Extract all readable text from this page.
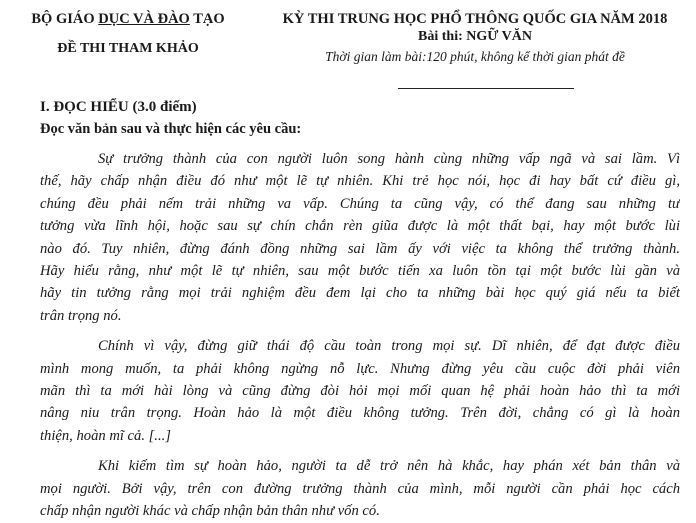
BỘ GIÁO DỤC VÀ ĐÀO TẠO
ĐỀ THI THAM KHẢO
KỲ THI TRUNG HỌC PHỔ THÔNG QUỐC GIA NĂM 2018
Bài thi: NGỮ VĂN
Thời gian làm bài:120 phút, không kể thời gian phát đề
I. ĐỌC HIỂU (3.0 điểm)
Đọc văn bản sau và thực hiện các yêu cầu:
Sự trưởng thành của con người luôn song hành cùng những vấp ngã và sai lầm. Vì
thế, hãy chấp nhận điều đó như một lẽ tự nhiên. Khi trẻ học nói, học đi hay bất cứ điều gì,
chúng đều phải nếm trải những va vấp. Chúng ta cũng vậy, có thể đang sau những tư
tưởng vừa lĩnh hội, hoặc sau sự chín chắn rèn giũa được là một thất bại, hay một bước lùi
nào đó. Tuy nhiên, đừng đánh đồng những sai lầm ấy với việc ta không thể trưởng thành.
Hãy hiểu rằng, như một lẽ tự nhiên, sau một bước tiến xa luôn tồn tại một bước lùi gần và
hãy tin tưởng rằng mọi trải nghiệm đều đem lại cho ta những bài học quý giá nếu ta biết
trân trọng nó.
Chính vì vậy, đừng giữ thái độ cầu toàn trong mọi sự. Dĩ nhiên, để đạt được điều
mình mong muốn, ta phải không ngừng nỗ lực. Nhưng đừng yêu cầu cuộc đời phải viên
mãn thì ta mới hài lòng và cũng đừng đòi hỏi mọi mối quan hệ phải hoàn hảo thì ta mới
nâng niu trân trọng. Hoàn hảo là một điều không tưởng. Trên đời, chẳng có gì là hoàn
thiện, hoàn mĩ cả. [...]
Khi kiếm tìm sự hoàn hảo, người ta dễ trở nên hà khắc, hay phán xét bản thân và
mọi người. Bởi vậy, trên con đường trưởng thành của mình, mỗi người cần phải học cách
chấp nhận người khác và chấp nhận bản thân như vốn có.
